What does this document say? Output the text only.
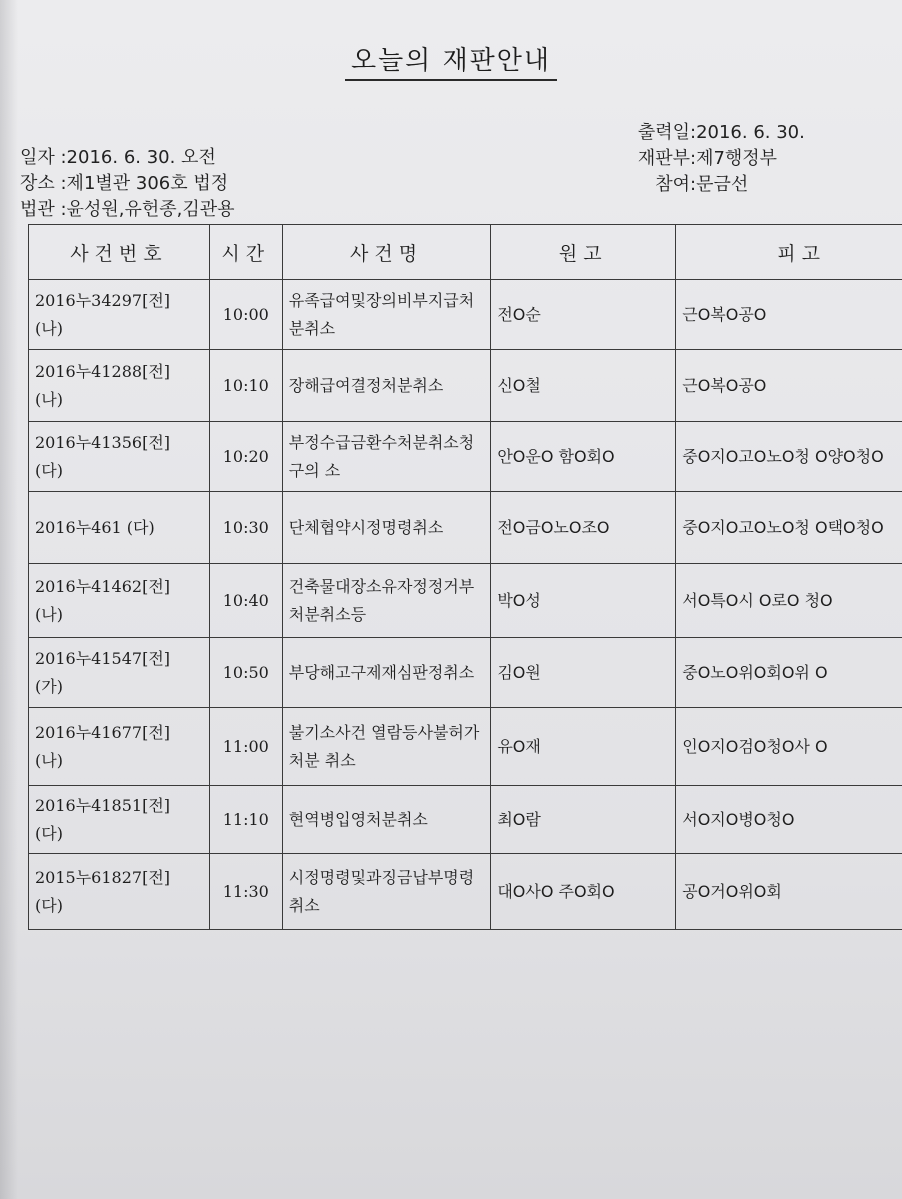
오늘의 재판안내
일자 :2016. 6. 30. 오전
장소 :제1별관 306호 법정
법관 :윤성원,유헌종,김관용
출력일:2016. 6. 30.
재판부:제7행정부
참여:문금선
사건번호	시간	사건명	원고	피고
2016누34297[전] (나)	10:00	유족급여및장의비부지급처분취소	전O순	근O복O공O
2016누41288[전] (나)	10:10	장해급여결정처분취소	신O철	근O복O공O
2016누41356[전] (다)	10:20	부정수급금환수처분취소청구의 소	안O운O 함O회O	중O지O고O노O청 O양O청O
2016누461 (다)	10:30	단체협약시정명령취소	전O금O노O조O	중O지O고O노O청 O택O청O
2016누41462[전] (나)	10:40	건축물대장소유자정정거부처분취소등	박O성	서O특O시 O로O 청O
2016누41547[전] (가)	10:50	부당해고구제재심판정취소	김O원	중O노O위O회O위 O
2016누41677[전] (나)	11:00	불기소사건 열람등사불허가처분 취소	유O재	인O지O검O청O사 O
2016누41851[전] (다)	11:10	현역병입영처분취소	최O람	서O지O병O청O
2015누61827[전] (다)	11:30	시정명령및과징금납부명령취소	대O사O 주O회O	공O거O위O회
